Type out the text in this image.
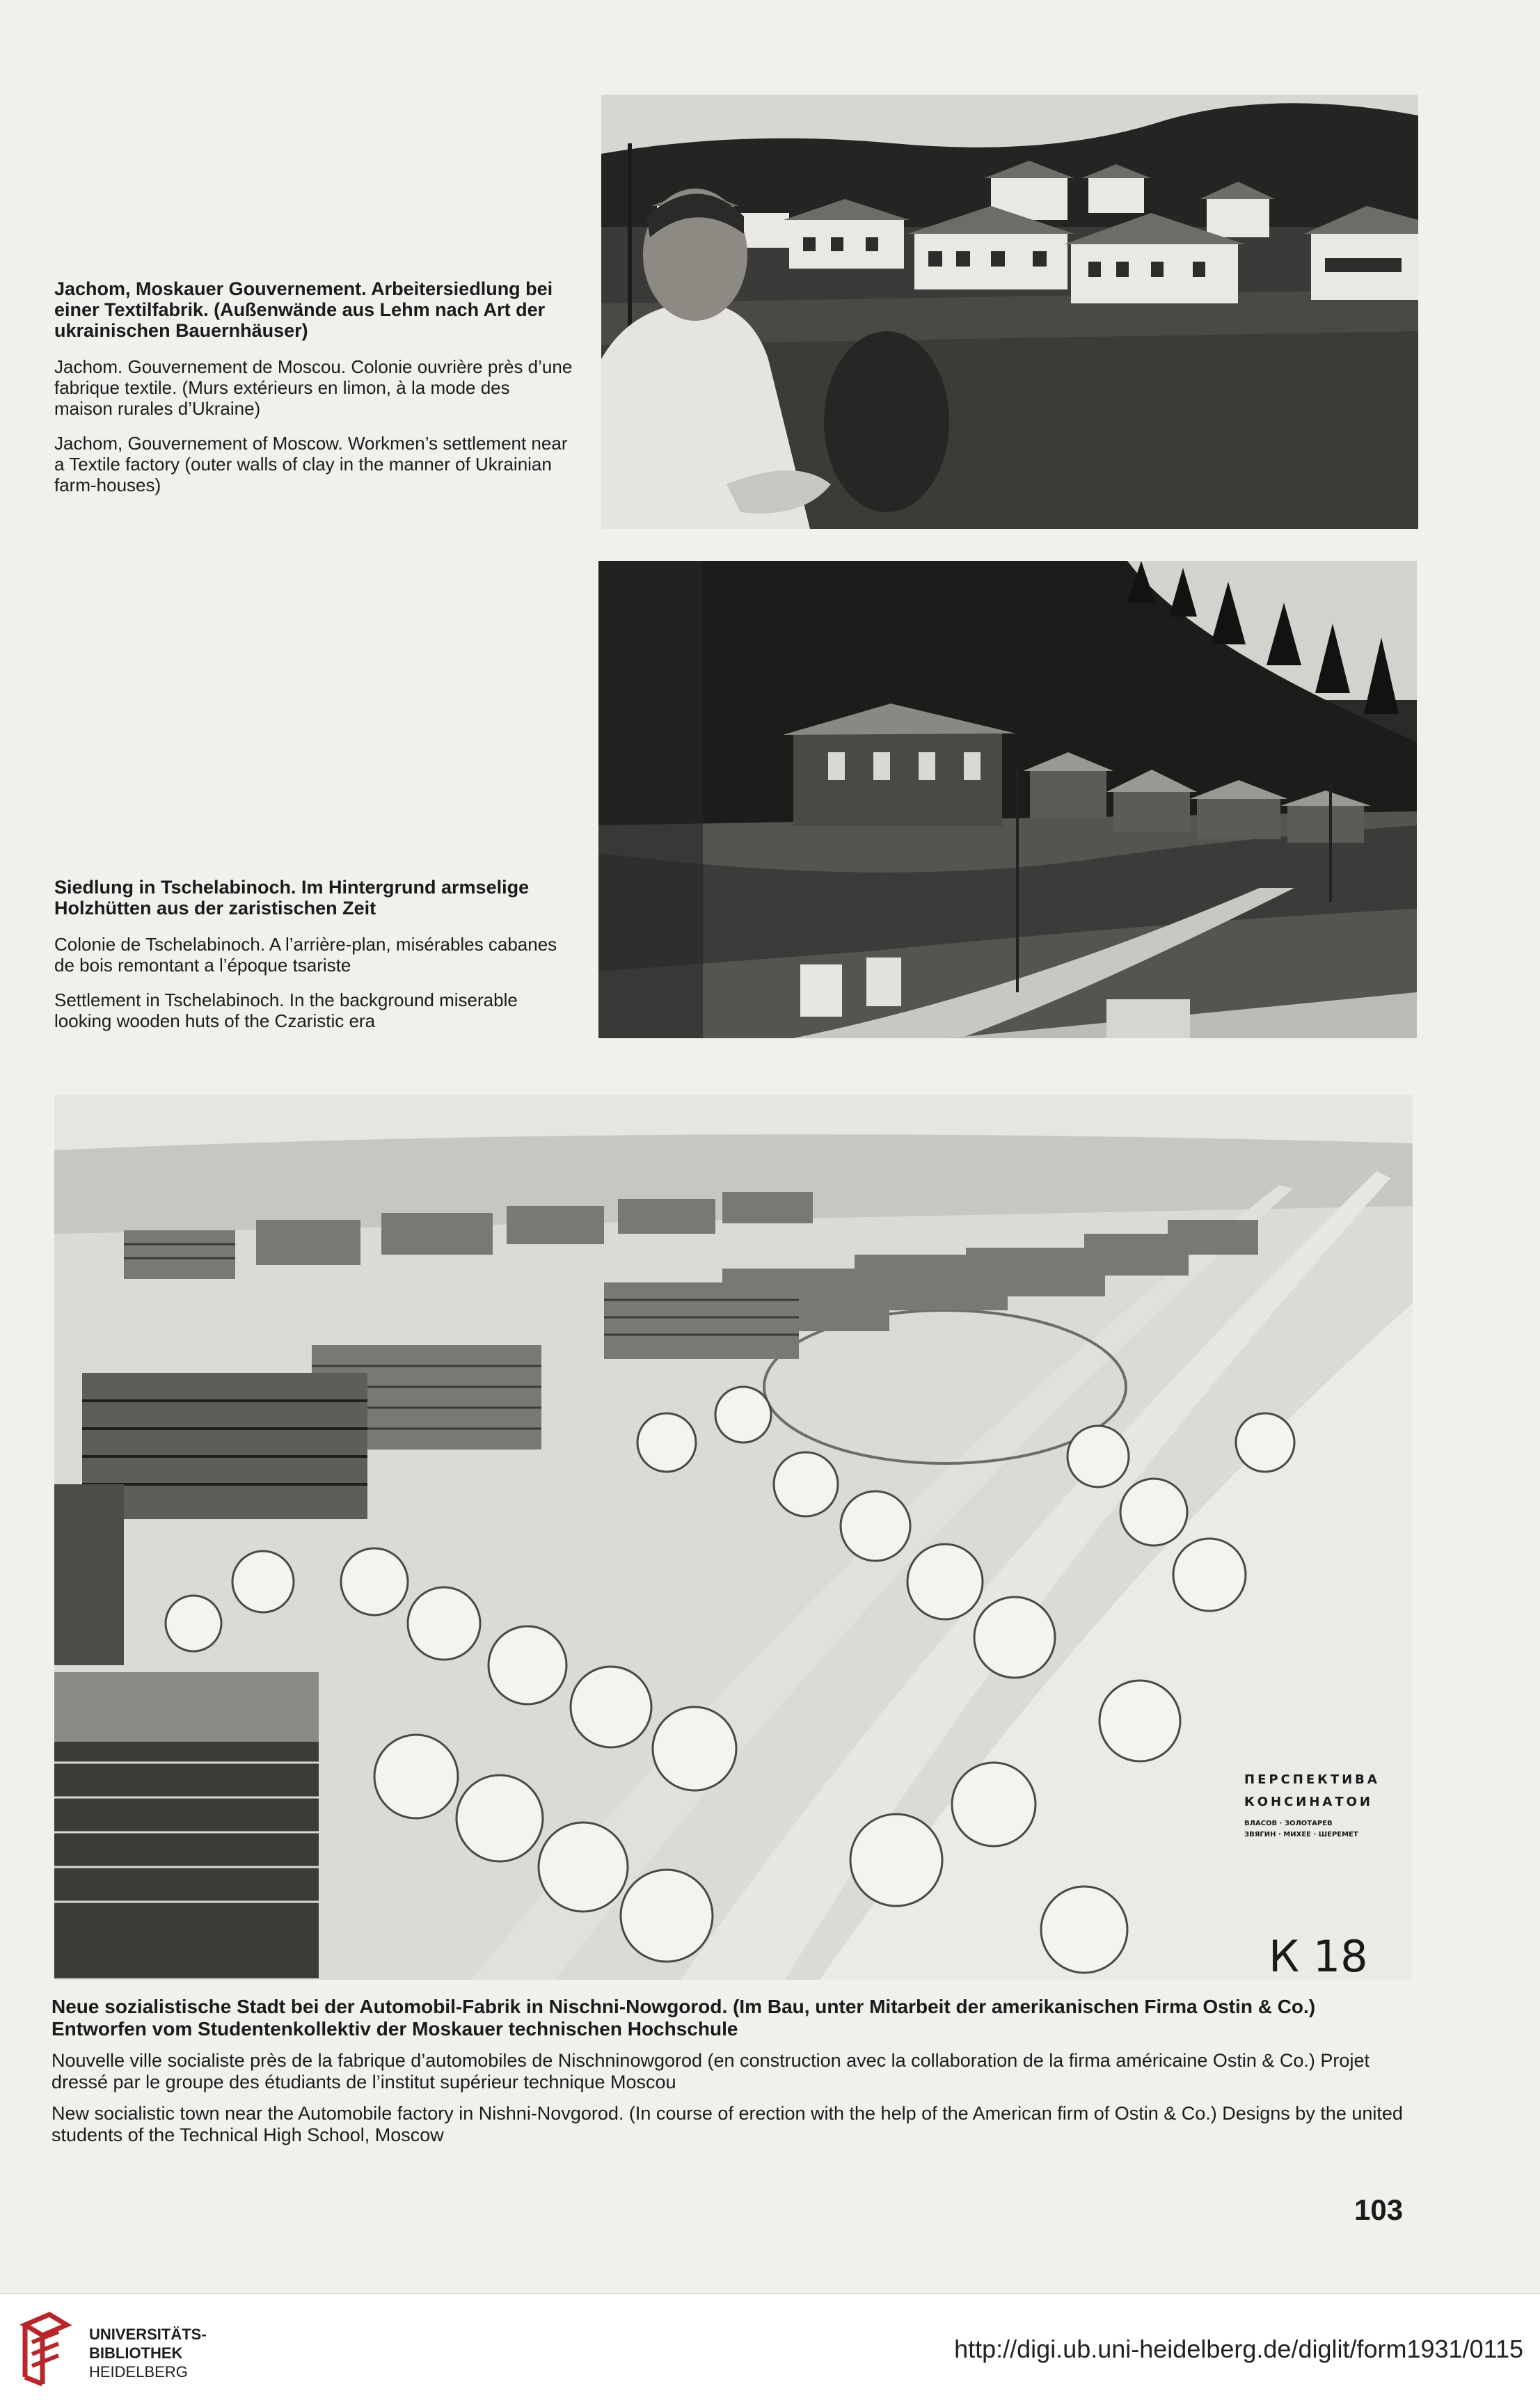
Jachom, Moskauer Gouvernement. Arbeitersiedlung bei einer Textilfabrik. (Außenwände aus Lehm nach Art der ukrainischen Bauernhäuser)

Jachom. Gouvernement de Moscou. Colonie ouvrière près d’une fabrique textile. (Murs extérieurs en limon, à la mode des maison rurales d’Ukraine)

Jachom, Gouvernement of Moscow. Workmen’s settlement near a Textile factory (outer walls of clay in the manner of Ukrainian farm-houses)

Siedlung in Tschelabinoch. Im Hintergrund armselige Holzhütten aus der zaristischen Zeit

Colonie de Tschelabinoch. A l’arrière-plan, misérables cabanes de bois remontant a l’époque tsariste

Settlement in Tschelabinoch. In the background miserable looking wooden huts of the Czaristic era

ПЕРСПЕКТИВА
КОНСИНАТОИ
ВЛАСОВ · ЗОЛОТАРЕВ
ЗВЯГИН · МИХЕЕ · ШЕРЕМЕТ
К 18

Neue sozialistische Stadt bei der Automobil-Fabrik in Nischni-Nowgorod. (Im Bau, unter Mitarbeit der amerikanischen Firma Ostin & Co.) Entworfen vom Studentenkollektiv der Moskauer technischen Hochschule

Nouvelle ville socialiste près de la fabrique d’automobiles de Nischninowgorod (en construction avec la collaboration de la firma américaine Ostin & Co.) Projet dressé par le groupe des étudiants de l’institut supérieur technique Moscou

New socialistic town near the Automobile factory in Nishni-Novgorod. (In course of erection with the help of the American firm of Ostin & Co.) Designs by the united students of the Technical High School, Moscow

103
UNIVERSITÄTS-
BIBLIOTHEK
HEIDELBERG
http://digi.ub.uni-heidelberg.de/diglit/form1931/0115
